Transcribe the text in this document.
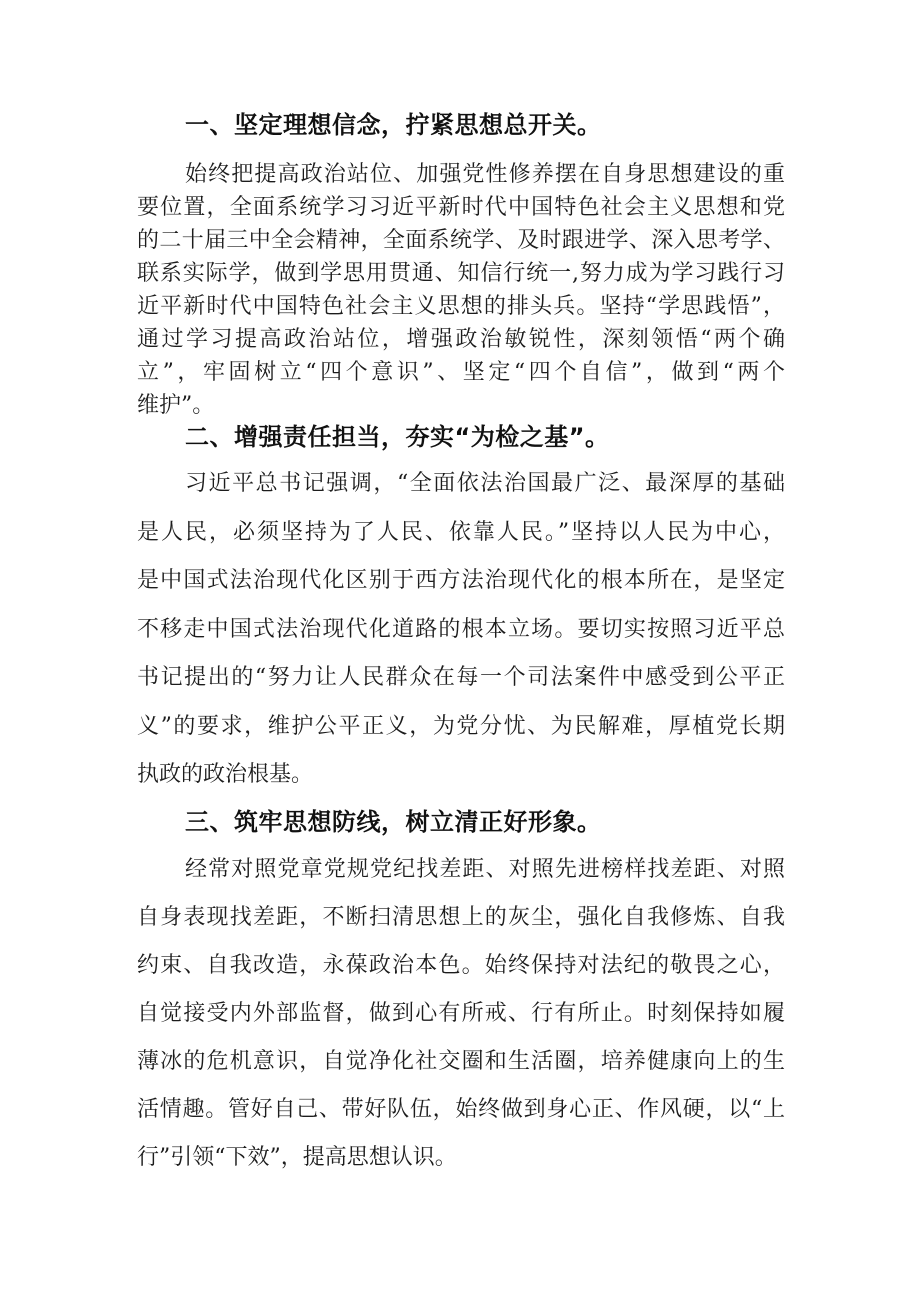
一、坚定理想信念，拧紧思想总开关。
始终把提高政治站位、加强党性修养摆在自身思想建设的重
要位置，全面系统学习习近平新时代中国特色社会主义思想和党
的二十届三中全会精神，全面系统学、及时跟进学、深入思考学、
联系实际学，做到学思用贯通、知信行统一,努力成为学习践行习
近平新时代中国特色社会主义思想的排头兵。坚持“学思践悟”，
通过学习提高政治站位，增强政治敏锐性，深刻领悟“两个确
立”，牢固树立“四个意识”、坚定“四个自信”，做到“两个
维护”。
二、增强责任担当，夯实“为检之基”。
习近平总书记强调，“全面依法治国最广泛、最深厚的基础
是人民，必须坚持为了人民、依靠人民。”坚持以人民为中心，
是中国式法治现代化区别于西方法治现代化的根本所在，是坚定
不移走中国式法治现代化道路的根本立场。要切实按照习近平总
书记提出的“努力让人民群众在每一个司法案件中感受到公平正
义”的要求，维护公平正义，为党分忧、为民解难，厚植党长期
执政的政治根基。
三、筑牢思想防线，树立清正好形象。
经常对照党章党规党纪找差距、对照先进榜样找差距、对照
自身表现找差距，不断扫清思想上的灰尘，强化自我修炼、自我
约束、自我改造，永葆政治本色。始终保持对法纪的敬畏之心，
自觉接受内外部监督，做到心有所戒、行有所止。时刻保持如履
薄冰的危机意识，自觉净化社交圈和生活圈，培养健康向上的生
活情趣。管好自己、带好队伍，始终做到身心正、作风硬，以“上
行”引领“下效”，提高思想认识。
